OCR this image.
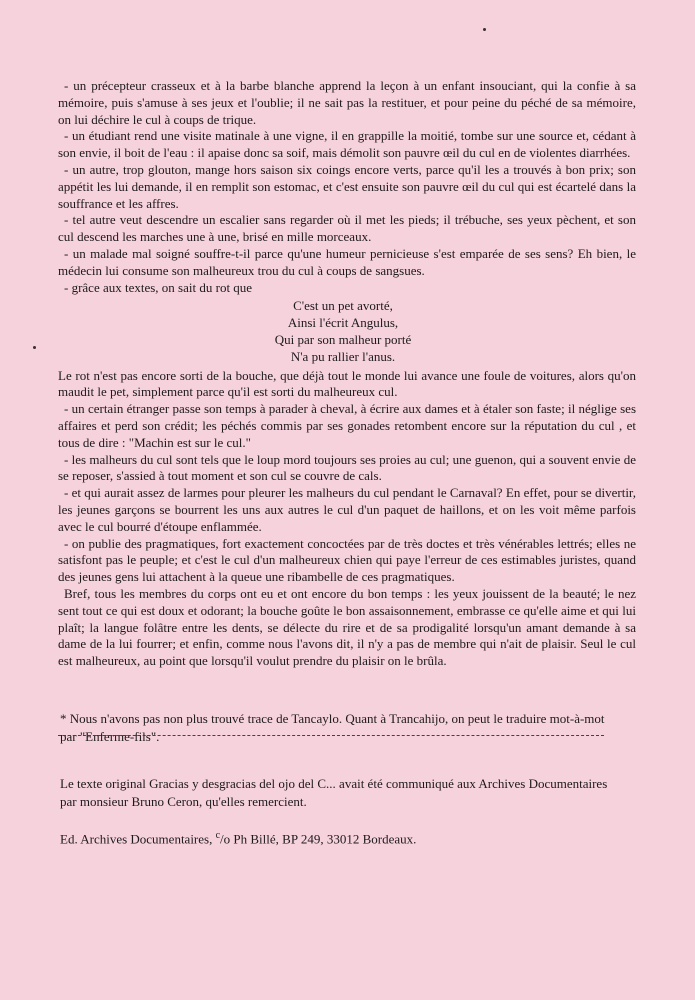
- un précepteur crasseux et à la barbe blanche apprend la leçon à un enfant insouciant, qui la confie à sa mémoire, puis s'amuse à ses jeux et l'oublie; il ne sait pas la restituer, et pour peine du péché de sa mémoire, on lui déchire le cul à coups de trique.

- un étudiant rend une visite matinale à une vigne, il en grappille la moitié, tombe sur une source et, cédant à son envie, il boit de l'eau : il apaise donc sa soif, mais démolit son pauvre œil du cul en de violentes diarrhées.

- un autre, trop glouton, mange hors saison six coings encore verts, parce qu'il les a trouvés à bon prix; son appétit les lui demande, il en remplit son estomac, et c'est ensuite son pauvre œil du cul qui est écartelé dans la souffrance et les affres.

- tel autre veut descendre un escalier sans regarder où il met les pieds; il trébuche, ses yeux pèchent, et son cul descend les marches une à une, brisé en mille morceaux.

- un malade mal soigné souffre-t-il parce qu'une humeur pernicieuse s'est emparée de ses sens? Eh bien, le médecin lui consume son malheureux trou du cul à coups de sangsues.

- grâce aux textes, on sait du rot que

C'est un pet avorté,
Ainsi l'écrit Angulus,
Qui par son malheur porté
N'a pu rallier l'anus.

Le rot n'est pas encore sorti de la bouche, que déjà tout le monde lui avance une foule de voitures, alors qu'on maudit le pet, simplement parce qu'il est sorti du malheureux cul.

- un certain étranger passe son temps à parader à cheval, à écrire aux dames et à étaler son faste; il néglige ses affaires et perd son crédit; les péchés commis par ses gonades retombent encore sur la réputation du cul , et tous de dire : "Machin est sur le cul."

- les malheurs du cul sont tels que le loup mord toujours ses proies au cul; une guenon, qui a souvent envie de se reposer, s'assied à tout moment et son cul se couvre de cals.

- et qui aurait assez de larmes pour pleurer les malheurs du cul pendant le Carnaval? En effet, pour se divertir, les jeunes garçons se bourrent les uns aux autres le cul d'un paquet de haillons, et on les voit même parfois avec le cul bourré d'étoupe enflammée.

- on publie des pragmatiques, fort exactement concoctées par de très doctes et très vénérables lettrés; elles ne satisfont pas le peuple; et c'est le cul d'un malheureux chien qui paye l'erreur de ces estimables juristes, quand des jeunes gens lui attachent à la queue une ribambelle de ces pragmatiques.

Bref, tous les membres du corps ont eu et ont encore du bon temps : les yeux jouissent de la beauté; le nez sent tout ce qui est doux et odorant; la bouche goûte le bon assaisonnement, embrasse ce qu'elle aime et qui lui plaît; la langue folâtre entre les dents, se délecte du rire et de sa prodigalité lorsqu'un amant demande à sa dame de la lui fourrer; et enfin, comme nous l'avons dit, il n'y a pas de membre qui n'ait de plaisir. Seul le cul est malheureux, au point que lorsqu'il voulut prendre du plaisir on le brûla.

* Nous n'avons pas non plus trouvé trace de Tancaylo. Quant à Trancahijo, on peut le traduire mot-à-mot par "Enferme-fils".

Le texte original Gracias y desgracias del ojo del C... avait été communiqué aux Archives Documentaires par monsieur Bruno Ceron, qu'elles remercient.

Ed. Archives Documentaires, $^c$/o Ph Billé, BP 249, 33012 Bordeaux.
